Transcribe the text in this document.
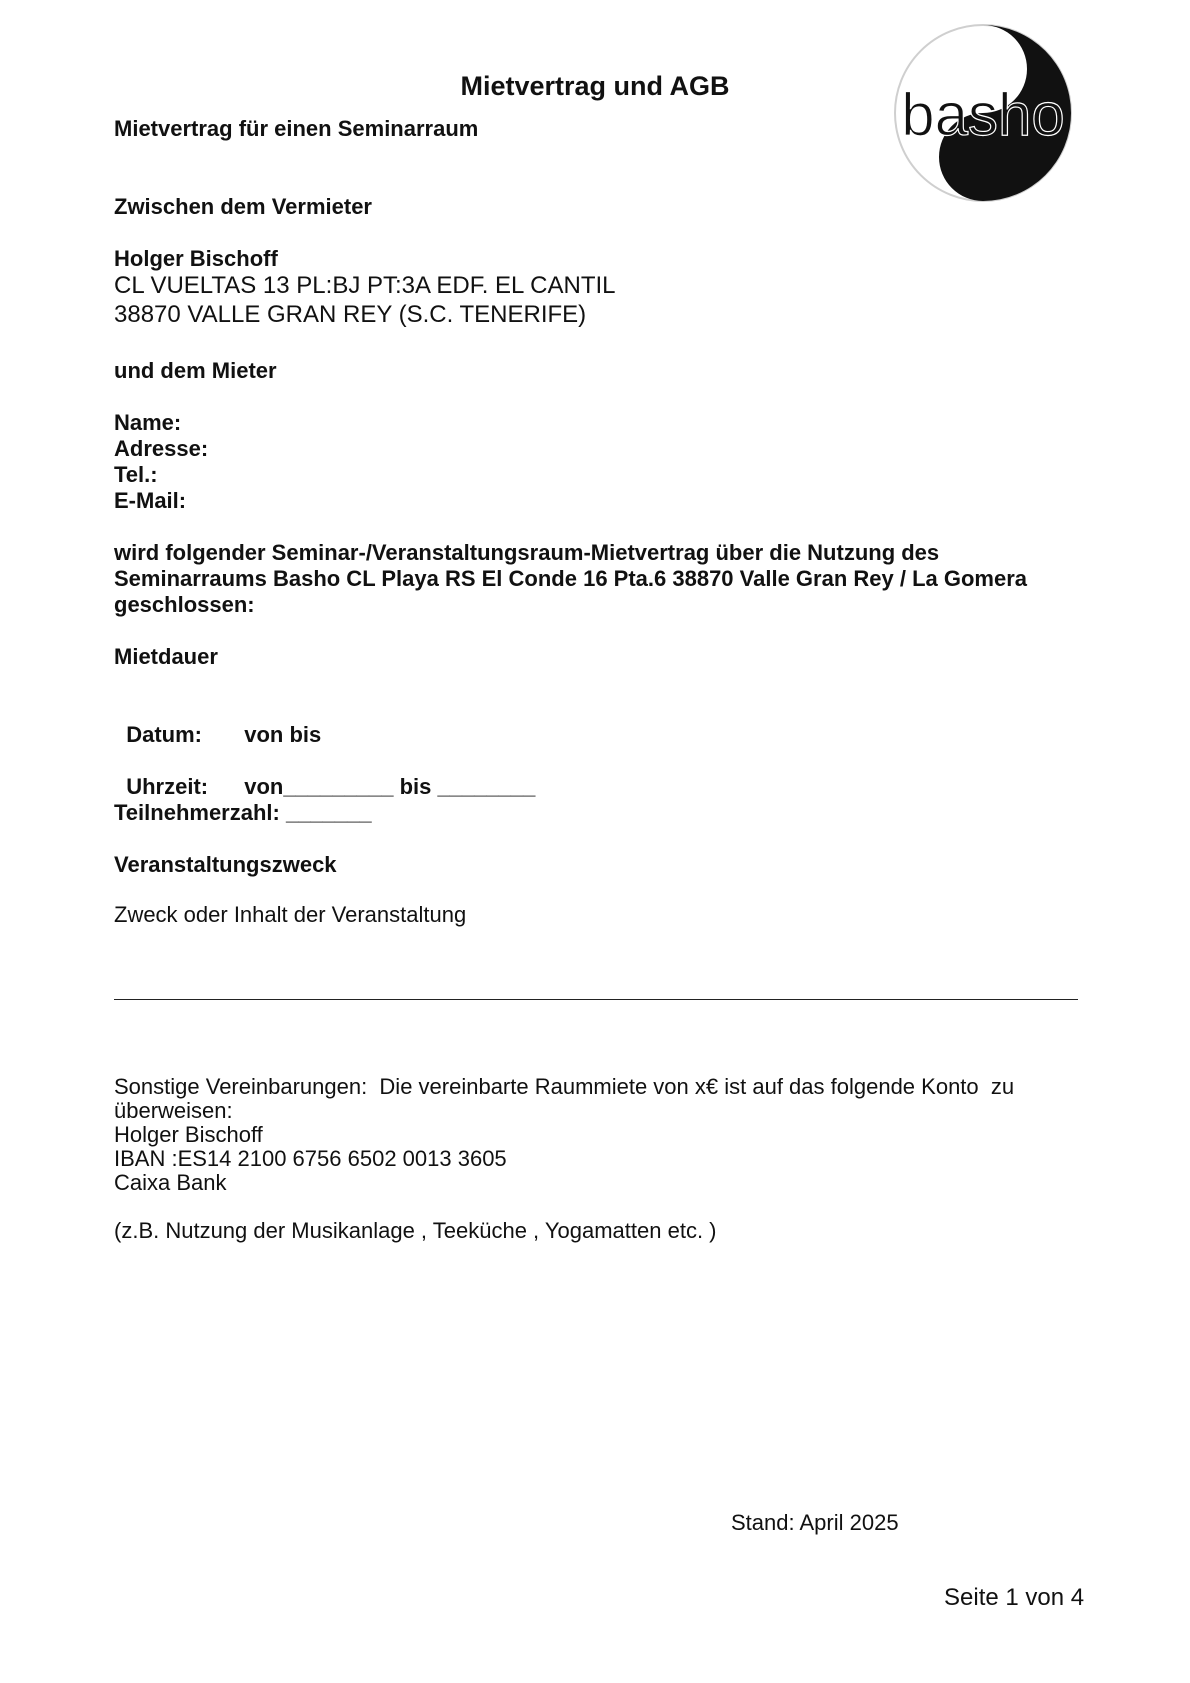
Mietvertrag und AGB	basho

Mietvertrag für einen Seminarraum

Zwischen dem Vermieter

Holger Bischoff

CL VUELTAS 13 PL:BJ PT:3A EDF. EL CANTIL

38870 VALLE GRAN REY (S.C. TENERIFE)

und dem Mieter

Name:

Adresse:

Tel.:

E-Mail:

wird folgender Seminar-/Veranstaltungsraum-Mietvertrag über die Nutzung des

Seminarraums Basho CL Playa RS El Conde 16 Pta.6 38870 Valle Gran Rey / La Gomera

geschlossen:

Mietdauer

Datum: von bis

Uhrzeit: von_________ bis ________

Teilnehmerzahl: _______

Veranstaltungszweck

Zweck oder Inhalt der Veranstaltung

Sonstige Vereinbarungen:  Die vereinbarte Raummiete von x€ ist auf das folgende Konto  zu

überweisen:

Holger Bischoff

IBAN :ES14 2100 6756 6502 0013 3605

Caixa Bank

(z.B. Nutzung der Musikanlage , Teeküche , Yogamatten etc. )

Stand: April 2025

Seite 1 von 4
